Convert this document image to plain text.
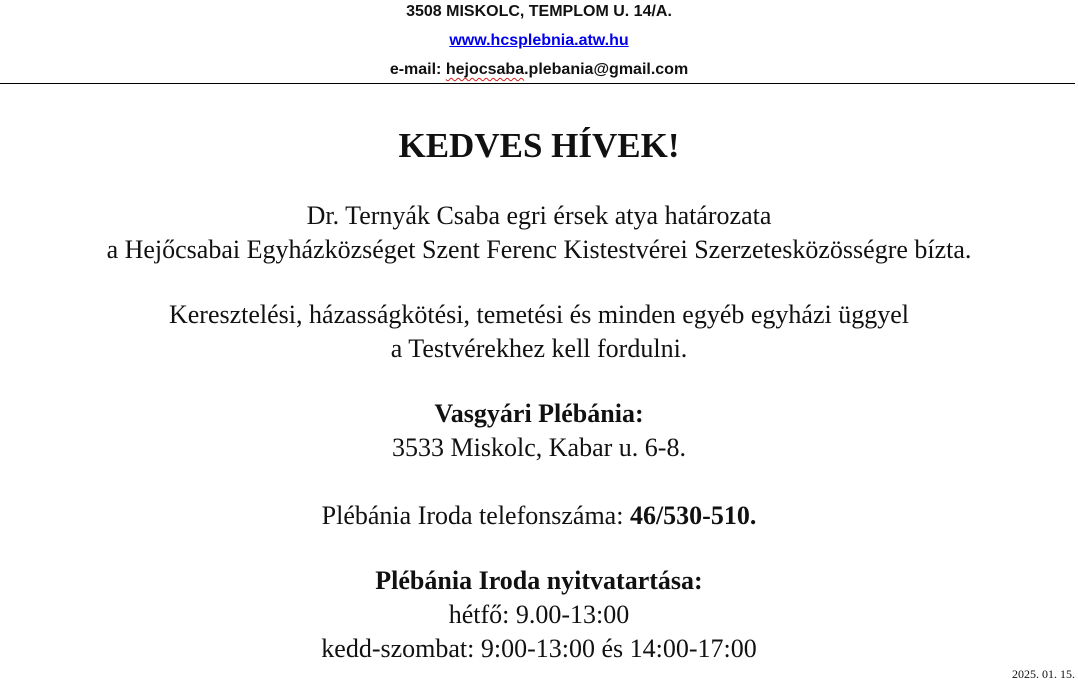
3508 MISKOLC, TEMPLOM U. 14/A.
www.hcsplebnia.atw.hu
e-mail: hejocsaba.plebania@gmail.com
KEDVES HÍVEK!
Dr. Ternyák Csaba egri érsek atya határozata
a Hejőcsabai Egyházközséget Szent Ferenc Kistestvérei Szerzetesközösségre bízta.
Keresztelési, házasságkötési, temetési és minden egyéb egyházi üggyel
a Testvérekhez kell fordulni.
Vasgyári Plébánia:
3533 Miskolc, Kabar u. 6-8.
Plébánia Iroda telefonszáma: 46/530-510.
Plébánia Iroda nyitvatartása:
hétfő: 9.00-13:00
kedd-szombat: 9:00-13:00 és 14:00-17:00
2025. 01. 15.
